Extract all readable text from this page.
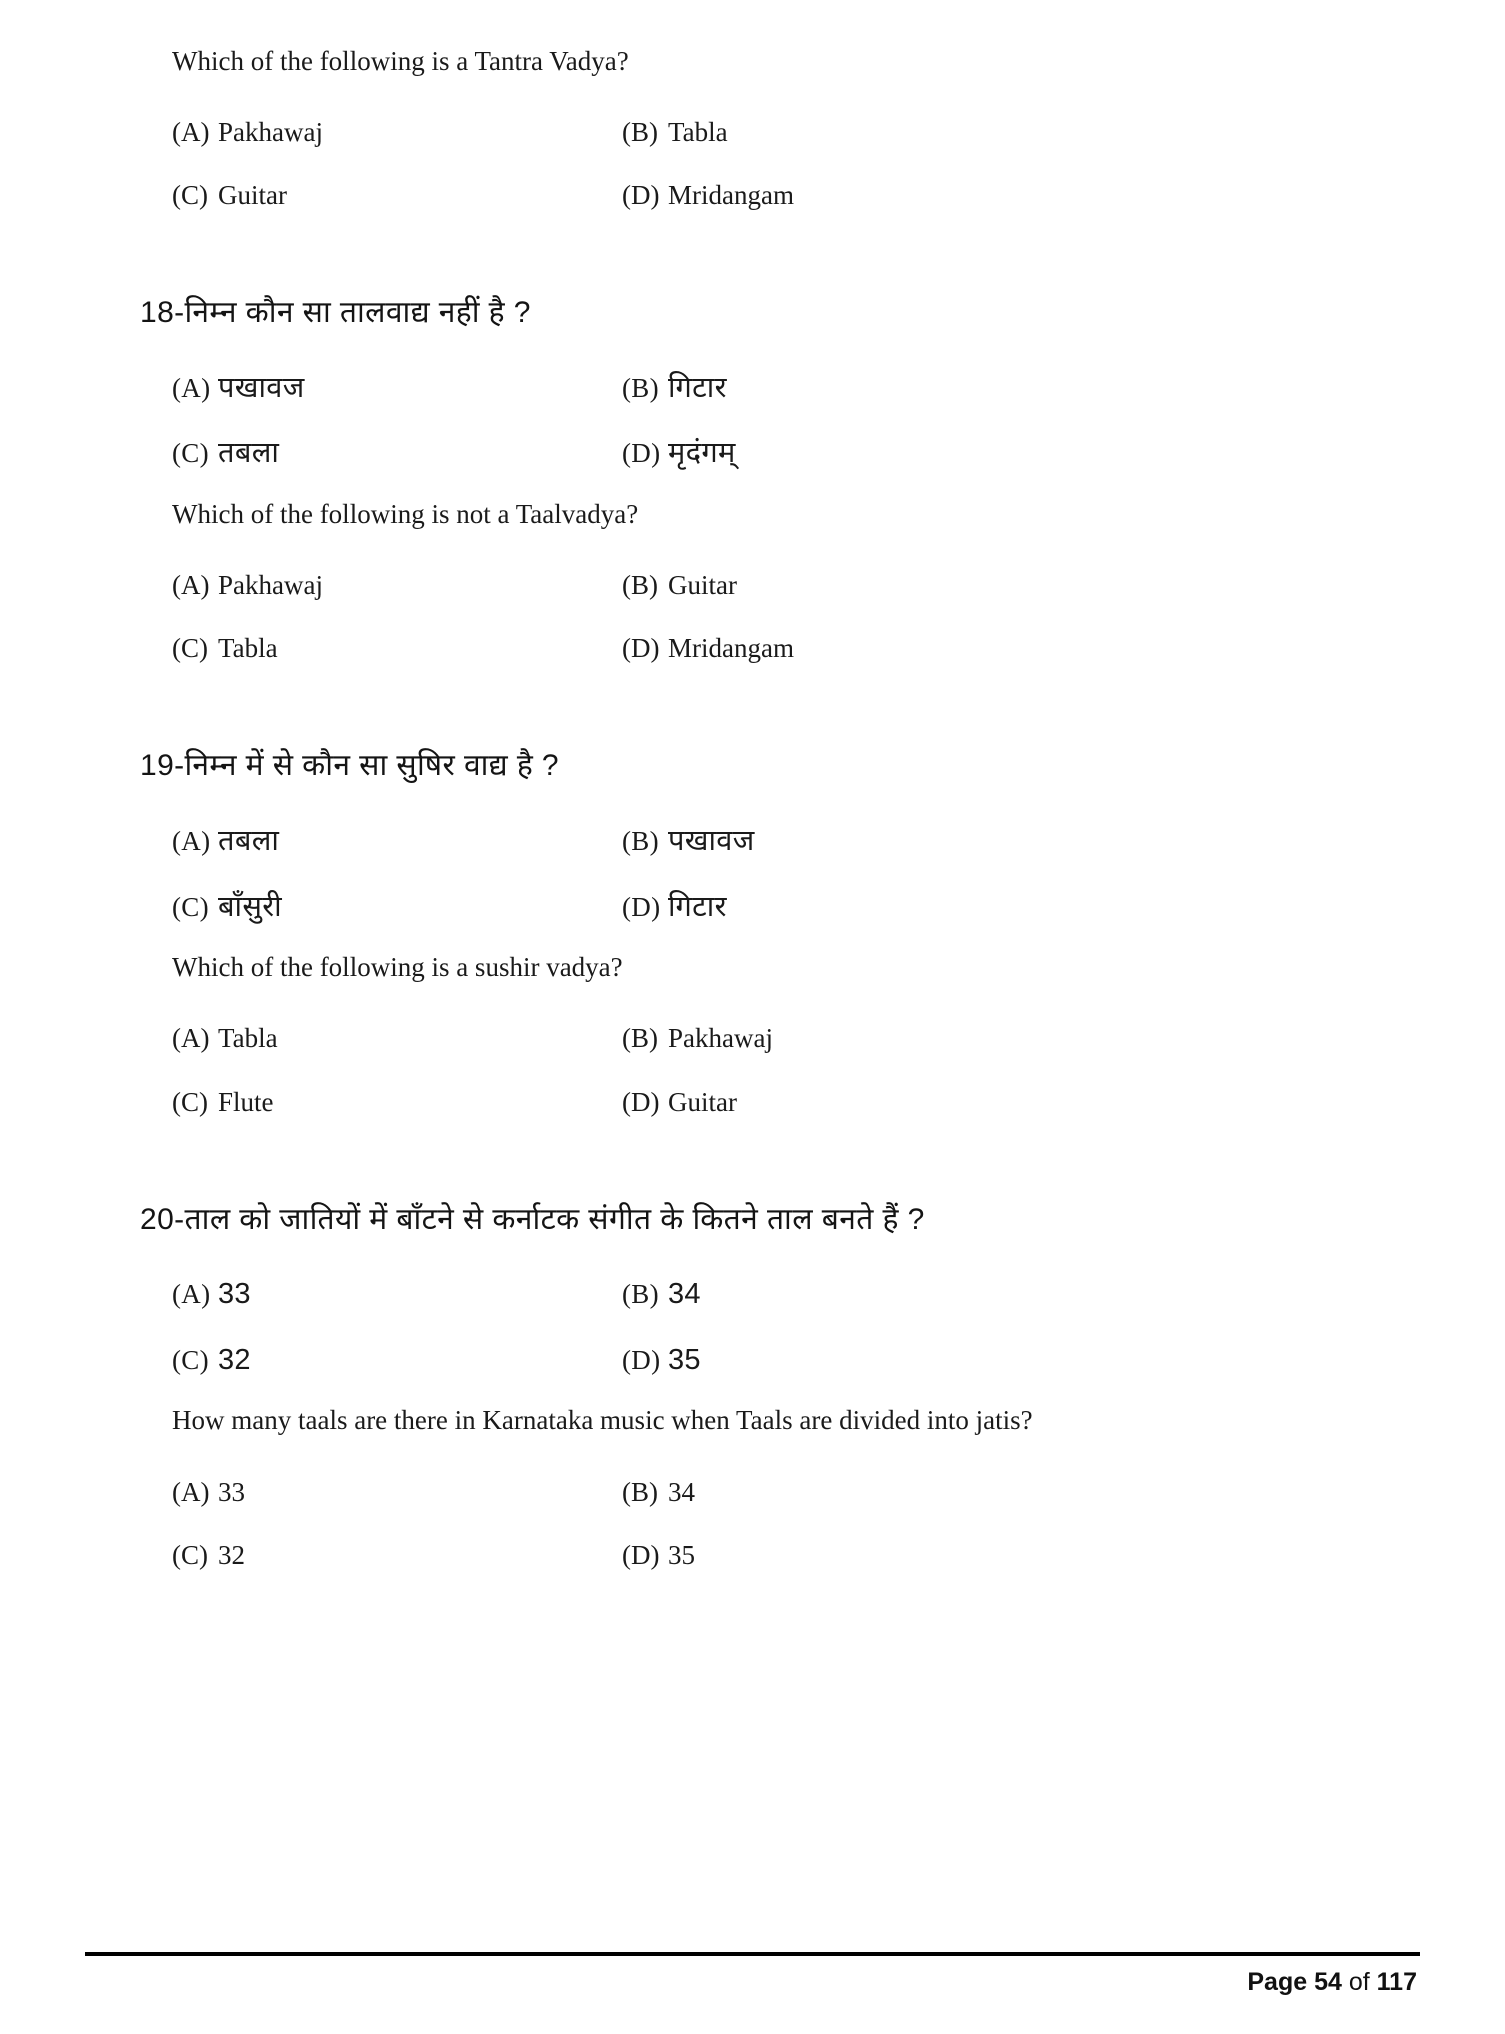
Which of the following is a Tantra Vadya?
(A) Pakhawaj	(B) Tabla
(C) Guitar	(D) Mridangam
18-निम्न कौन सा तालवाद्य नहीं है ?
(A) पखावज	(B) गिटार
(C) तबला	(D) मृदंगम्
Which of the following is not a Taalvadya?
(A) Pakhawaj	(B) Guitar
(C) Tabla	(D) Mridangam
19-निम्न में से कौन सा सुषिर वाद्य है ?
(A) तबला	(B) पखावज
(C) बाँसुरी	(D) गिटार
Which of the following is a sushir vadya?
(A) Tabla	(B) Pakhawaj
(C) Flute	(D) Guitar
20-ताल को जातियों में बाँटने से कर्नाटक संगीत के कितने ताल बनते हैं ?
(A) 33	(B) 34
(C) 32	(D) 35
How many taals are there in Karnataka music when Taals are divided into jatis?
(A) 33	(B) 34
(C) 32	(D) 35
Page 54 of 117
